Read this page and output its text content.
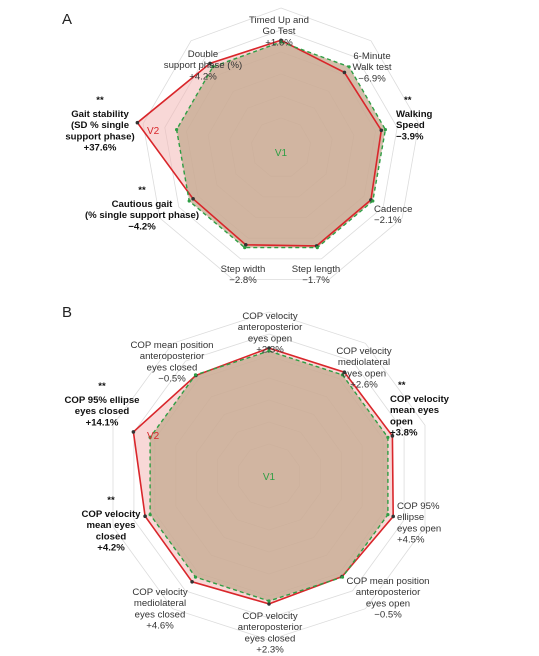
A
V2
V1
Timed Up and
Go Test
+1.6%
6-Minute
Walk test
−6.9%
**
Walking
Speed
−3.9%
Cadence
−2.1%
Step length
−1.7%
Step width
−2.8%
**
Cautious gait
(% single support phase)
−4.2%
**
Gait stability
(SD % single
support phase)
+37.6%
Double
support phase (%)
+4.2%
B
V2
V1
COP velocity
anteroposterior
eyes open
+2.3%	COP velocity
mediolateral
eyes open
+2.6% **
COP velocity
mean eyes
open
+3.8%
COP 95%
ellipse
eyes open
+4.5%
COP mean position
anteroposterior
eyes open
−0.5%
COP velocity
anteroposterior
eyes closed
+2.3%
COP velocity
mediolateral
eyes closed
+4.6%
**
COP velocity
mean eyes
closed
+4.2%
**
COP 95% ellipse
eyes closed
+14.1%
COP mean position
anteroposterior
eyes closed
−0.5%
